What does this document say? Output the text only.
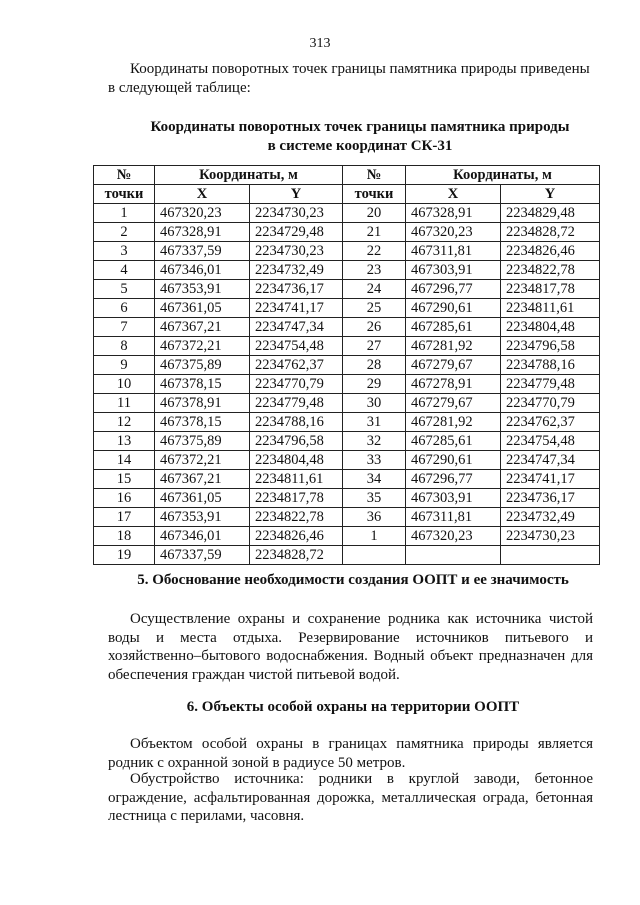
313
Координаты поворотных точек границы памятника природы приведены в следующей таблице:
Координаты поворотных точек границы памятника природы
в системе координат СК-31
№	Координаты, м		№	Координаты, м	
точки	X	Y	точки	X	Y
1	467320,23	2234730,23	20	467328,91	2234829,48
2	467328,91	2234729,48	21	467320,23	2234828,72
3	467337,59	2234730,23	22	467311,81	2234826,46
4	467346,01	2234732,49	23	467303,91	2234822,78
5	467353,91	2234736,17	24	467296,77	2234817,78
6	467361,05	2234741,17	25	467290,61	2234811,61
7	467367,21	2234747,34	26	467285,61	2234804,48
8	467372,21	2234754,48	27	467281,92	2234796,58
9	467375,89	2234762,37	28	467279,67	2234788,16
10	467378,15	2234770,79	29	467278,91	2234779,48
11	467378,91	2234779,48	30	467279,67	2234770,79
12	467378,15	2234788,16	31	467281,92	2234762,37
13	467375,89	2234796,58	32	467285,61	2234754,48
14	467372,21	2234804,48	33	467290,61	2234747,34
15	467367,21	2234811,61	34	467296,77	2234741,17
16	467361,05	2234817,78	35	467303,91	2234736,17
17	467353,91	2234822,78	36	467311,81	2234732,49
18	467346,01	2234826,46	1	467320,23	2234730,23
19	467337,59	2234828,72			
5. Обоснование необходимости создания ООПТ и ее значимость
Осуществление охраны и сохранение родника как источника чистой воды и места отдыха. Резервирование источников питьевого и хозяйственно–бытового водоснабжения. Водный объект предназначен для обеспечения граждан чистой питьевой водой.
6. Объекты особой охраны на территории ООПТ
Объектом особой охраны в границах памятника природы является родник с охранной зоной в радиусе 50 метров.
Обустройство источника: родники в круглой заводи, бетонное ограждение, асфальтированная дорожка, металлическая ограда, бетонная лестница с перилами, часовня.
